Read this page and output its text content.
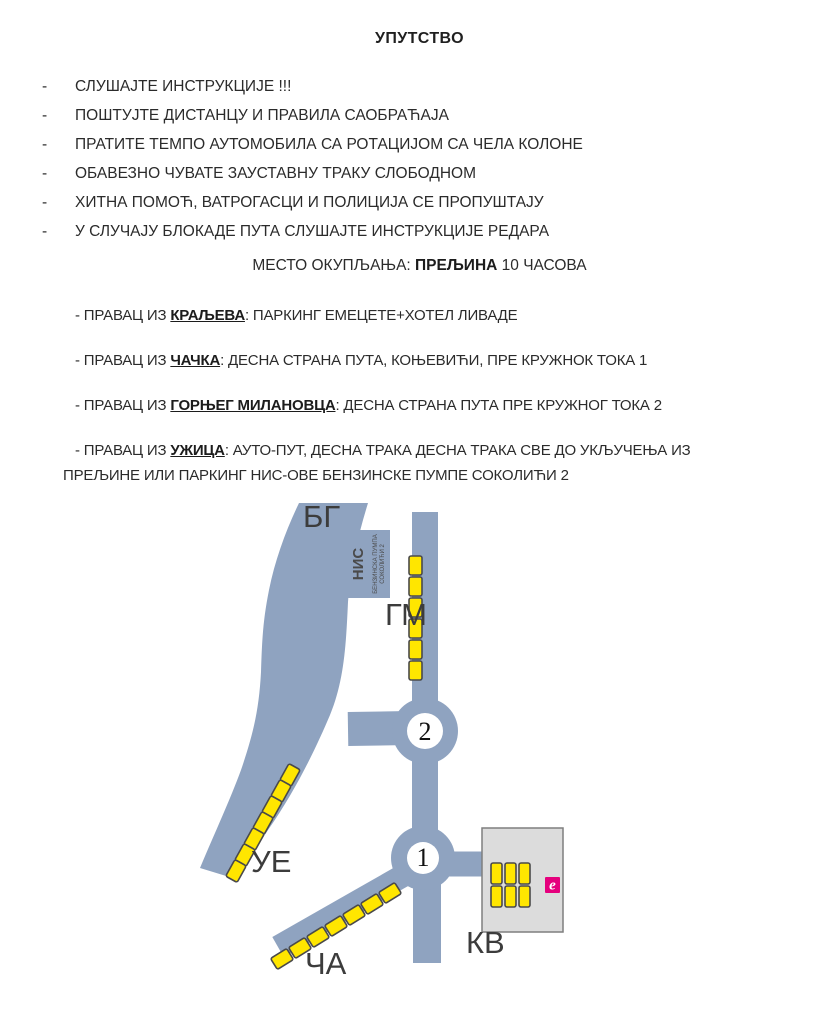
УПУТСТВО
- СЛУШАЈТЕ ИНСТРУКЦИЈЕ !!!
- ПОШТУЈТЕ ДИСТАНЦУ И ПРАВИЛА САОБРАЋАЈА
- ПРАТИТЕ ТЕМПО АУТОМОБИЛА СА РОТАЦИЈОМ СА ЧЕЛА КОЛОНЕ
- ОБАВЕЗНО ЧУВАТЕ ЗАУСТАВНУ ТРАКУ СЛОБОДНОМ
- ХИТНА ПОМОЋ, ВАТРОГАСЦИ И ПОЛИЦИЈА СЕ ПРОПУШТАЈУ
- У СЛУЧАЈУ БЛОКАДЕ ПУТА СЛУШАЈТЕ ИНСТРУКЦИЈЕ РЕДАРА

МЕСТО ОКУПЉАЊА: ПРЕЉИНА 10 ЧАСОВА

- ПРАВАЦ ИЗ КРАЉЕВА: ПАРКИНГ ЕМЕЦЕТЕ+ХОТЕЛ ЛИВАДЕ

- ПРАВАЦ ИЗ ЧАЧКА: ДЕСНА СТРАНА ПУТА, КОЊЕВИЋИ, ПРЕ КРУЖНОК ТОКА 1

- ПРАВАЦ ИЗ ГОРЊЕГ МИЛАНОВЦА: ДЕСНА СТРАНА ПУТА ПРЕ КРУЖНОГ ТОКА 2

- ПРАВАЦ ИЗ УЖИЦА: АУТО-ПУТ, ДЕСНА ТРАКА ДЕСНА ТРАКА СВЕ ДО УКЉУЧЕЊА ИЗ
ПРЕЉИНЕ ИЛИ ПАРКИНГ НИС-ОВЕ БЕНЗИНСКЕ ПУМПЕ СОКОЛИЋИ 2

2
1
е
НИС БЕНЗИНСКА ПУМПА СОКОЛИЋИ 2
БГ
ГМ
УЕ
ЧА
КВ
